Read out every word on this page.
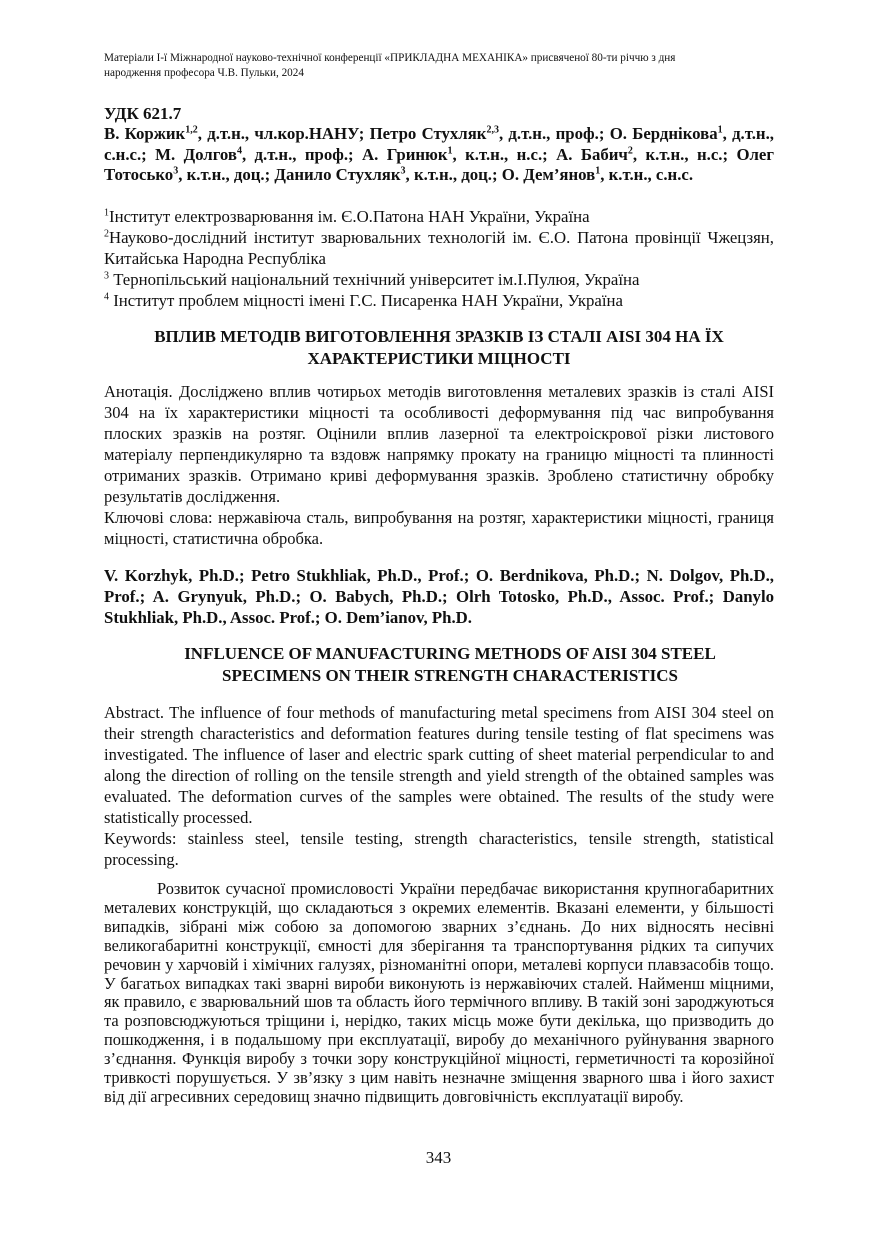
Матеріали І-ї Міжнародної науково-технічної конференції «ПРИКЛАДНА МЕХАНІКА» присвяченої 80-ти річчю з дня
народження професора Ч.В. Пульки, 2024
УДК 621.7
В. Коржик$^{1,2}$, д.т.н., чл.кор.НАНУ; Петро Стухляк$^{2,3}$, д.т.н., проф.; О. Берднікова$^1$, д.т.н., с.н.с.; М. Долгов$^4$, д.т.н., проф.; А. Гринюк$^1$, к.т.н., н.с.; А. Бабич$^2$, к.т.н., н.с.; Олег Тотосько$^3$, к.т.н., доц.; Данило Стухляк$^3$, к.т.н., доц.; О. Дем’янов$^1$, к.т.н., с.н.с.

$^1$Інститут електрозварювання ім. Є.О.Патона НАН України, Україна

$^2$Науково-дослідний інститут зварювальних технологій ім. Є.О. Патона провінції Чжецзян, Китайська Народна Республіка

$^3$ Тернопільський національний технічний університет ім.І.Пулюя, Україна

$^4$ Інститут проблем міцності імені Г.С. Писаренка НАН України, Україна

ВПЛИВ МЕТОДІВ ВИГОТОВЛЕННЯ ЗРАЗКІВ ІЗ СТАЛІ AISI 304 НА ЇХ
ХАРАКТЕРИСТИКИ МІЦНОСТІ

Анотація. Досліджено вплив чотирьох методів виготовлення металевих зразків із сталі AISI 304 на їх характеристики міцності та особливості деформування під час випробування плоских зразків на розтяг. Оцінили вплив лазерної та електроіскрової різки листового матеріалу перпендикулярно та вздовж напрямку прокату на границю міцності та плинності отриманих зразків. Отримано криві деформування зразків. Зроблено статистичну обробку результатів дослідження.

Ключові слова: нержавіюча сталь, випробування на розтяг, характеристики міцності, границя міцності, статистична обробка.

V. Korzhyk, Ph.D.; Petro Stukhliak, Ph.D., Prof.; O. Berdnikova, Ph.D.; N. Dolgov, Ph.D., Prof.; A. Grynyuk, Ph.D.; O. Babych, Ph.D.; Olrh Totosko, Ph.D., Assoc. Prof.; Danylo Stukhliak, Ph.D., Assoc. Prof.; O. Dem’ianov, Ph.D.
INFLUENCE OF MANUFACTURING METHODS OF AISI 304 STEEL
SPECIMENS ON THEIR STRENGTH CHARACTERISTICS

Abstract. The influence of four methods of manufacturing metal specimens from AISI 304 steel on their strength characteristics and deformation features during tensile testing of flat specimens was investigated. The influence of laser and electric spark cutting of sheet material perpendicular to and along the direction of rolling on the tensile strength and yield strength of the obtained samples was evaluated. The deformation curves of the samples were obtained. The results of the study were statistically processed.

Keywords: stainless steel, tensile testing, strength characteristics, tensile strength, statistical processing.

Розвиток сучасної промисловості України передбачає використання крупногабаритних металевих конструкцій, що складаються з окремих елементів. Вказані елементи, у більшості випадків, зібрані між собою за допомогою зварних з’єднань. До них відносять несівні великогабаритні конструкції, ємності для зберігання та транспортування рідких та сипучих речовин у харчовій і хімічних галузях, різноманітні опори, металеві корпуси плавзасобів тощо. У багатьох випадках такі зварні вироби виконують із нержавіючих сталей. Найменш міцними, як правило, є зварювальний шов та область його термічного впливу. В такій зоні зароджуються та розповсюджуються тріщини і, нерідко, таких місць може бути декілька, що призводить до пошкодження, і в подальшому при експлуатації, виробу до механічного руйнування зварного з’єднання. Функція виробу з точки зору конструкційної міцності, герметичності та корозійної тривкості порушується. У зв’язку з цим навіть незначне зміщення зварного шва і його захист від дії агресивних середовищ значно підвищить довговічність експлуатації виробу.

343
